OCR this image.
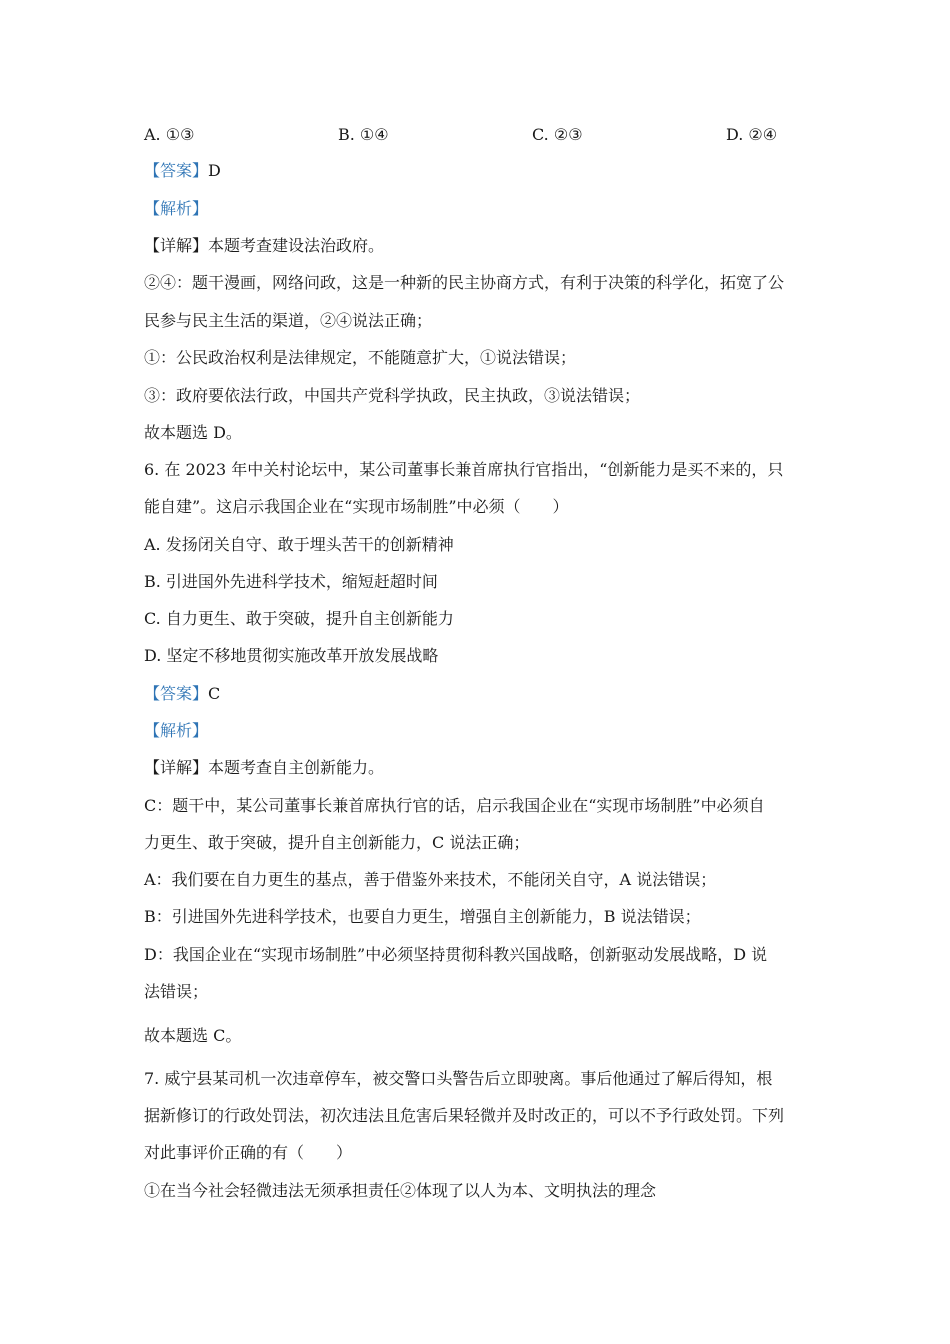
A. ①③	B. ①④	C. ②③	D. ②④
【答案】D
【解析】
【详解】本题考查建设法治政府。
②④：题干漫画，网络问政，这是一种新的民主协商方式，有利于决策的科学化，拓宽了公
民参与民主生活的渠道，②④说法正确；
①：公民政治权利是法律规定，不能随意扩大，①说法错误；
③：政府要依法行政，中国共产党科学执政，民主执政，③说法错误；
故本题选 D。
6. 在 2023 年中关村论坛中，某公司董事长兼首席执行官指出，“创新能力是买不来的，只
能自建”。这启示我国企业在“实现市场制胜”中必须（　　）
A. 发扬闭关自守、敢于埋头苦干的创新精神
B. 引进国外先进科学技术，缩短赶超时间
C. 自力更生、敢于突破，提升自主创新能力
D. 坚定不移地贯彻实施改革开放发展战略
【答案】C
【解析】
【详解】本题考查自主创新能力。
C：题干中，某公司董事长兼首席执行官的话，启示我国企业在“实现市场制胜”中必须自
力更生、敢于突破，提升自主创新能力，C 说法正确；
A：我们要在自力更生的基点，善于借鉴外来技术，不能闭关自守，A 说法错误；
B：引进国外先进科学技术，也要自力更生，增强自主创新能力，B 说法错误；
D：我国企业在“实现市场制胜”中必须坚持贯彻科教兴国战略，创新驱动发展战略，D 说
法错误；
故本题选 C。
7. 威宁县某司机一次违章停车，被交警口头警告后立即驶离。事后他通过了解后得知，根
据新修订的行政处罚法，初次违法且危害后果轻微并及时改正的，可以不予行政处罚。下列
对此事评价正确的有（　　）
①在当今社会轻微违法无须承担责任②体现了以人为本、文明执法的理念
